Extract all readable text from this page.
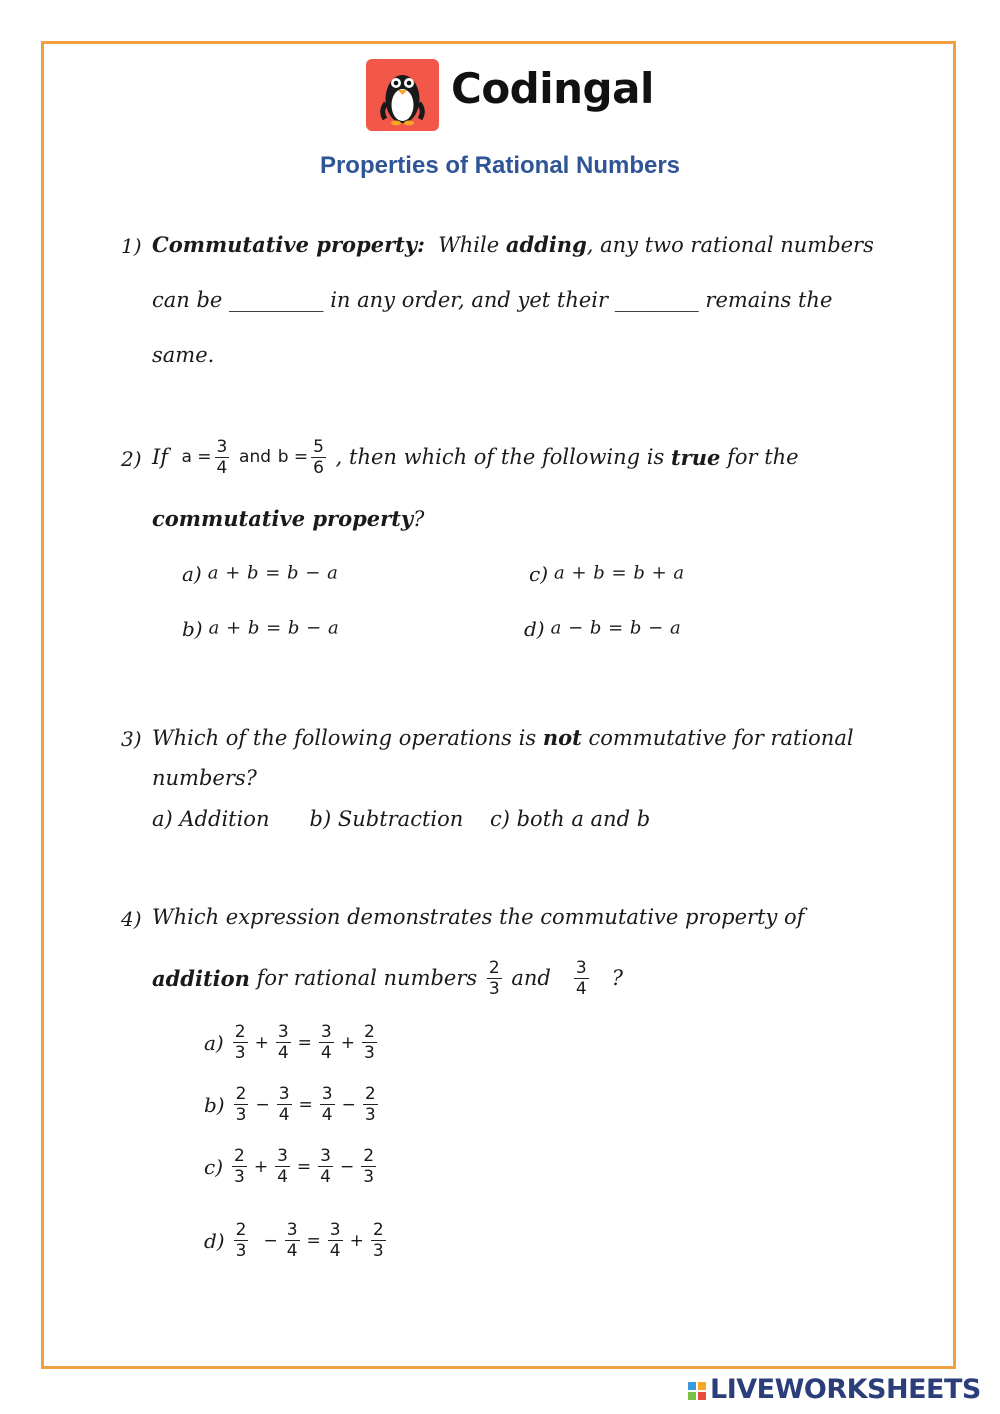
Codingal
Properties of Rational Numbers
1) Commutative property: While adding, any two rational numbers
can be _________ in any order, and yet their ________ remains the
same.
2) If
$a = \frac{3}{4}$
and
$b = \frac{5}{6}$
, then which of the following is
true
for the
commutative property?
a) a + b = b − a	c) a + b = b + a
b) a + b = b − a	d) a − b = b − a
3) Which of the following operations is not commutative for rational
numbers?
a) Addition      b) Subtraction    c) both a and b
4) Which expression demonstrates the commutative property of
addition
for rational numbers
$\frac{2}{3}$
and
$\frac{3}{4}$
?
$a) \frac{2}{3} + \frac{3}{4} = \frac{3}{4} + \frac{2}{3}$
$b) \frac{2}{3} - \frac{3}{4} = \frac{3}{4} - \frac{2}{3}$
$c) \frac{2}{3} + \frac{3}{4} = \frac{3}{4} - \frac{2}{3}$
$d) \frac{2}{3} - \frac{3}{4} = \frac{3}{4} + \frac{2}{3}$
LIVEWORKSHEETS
